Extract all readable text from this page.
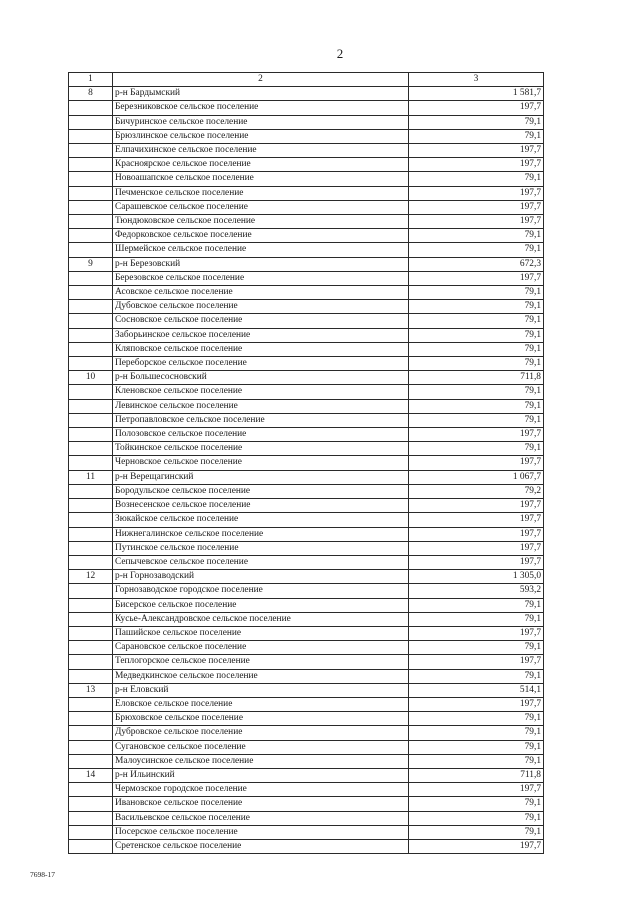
2
1	2	3
8	р-н Бардымский	1 581,7
	Березниковское сельское поселение	197,7
	Бичуринское сельское поселение	79,1
	Брюзлинское сельское поселение	79,1
	Елпачихинское сельское поселение	197,7
	Красноярское сельское поселение	197,7
	Новоашапское сельское поселение	79,1
	Печменское сельское поселение	197,7
	Сарашевское сельское поселение	197,7
	Тюндюковское сельское поселение	197,7
	Федорковское сельское поселение	79,1
	Шермейское сельское поселение	79,1
9	р-н Березовский	672,3
	Березовское сельское поселение	197,7
	Асовское сельское поселение	79,1
	Дубовское сельское поселение	79,1
	Сосновское сельское поселение	79,1
	Заборьинское сельское поселение	79,1
	Кляповское сельское поселение	79,1
	Переборское сельское поселение	79,1
10	р-н Большесосновский	711,8
	Кленовское сельское поселение	79,1
	Левинское сельское поселение	79,1
	Петропавловское сельское поселение	79,1
	Полозовское сельское поселение	197,7
	Тойкинское сельское поселение	79,1
	Черновское сельское поселение	197,7
11	р-н Верещагинский	1 067,7
	Бородульское сельское поселение	79,2
	Вознесенское сельское поселение	197,7
	Зюкайское сельское поселение	197,7
	Нижнегалинское сельское поселение	197,7
	Путинское сельское поселение	197,7
	Сепычевское сельское поселение	197,7
12	р-н Горнозаводский	1 305,0
	Горнозаводское городское поселение	593,2
	Бисерское сельское поселение	79,1
	Кусье-Александровское сельское поселение	79,1
	Пашийское сельское поселение	197,7
	Сарановское сельское поселение	79,1
	Теплогорское сельское поселение	197,7
	Медведкинское сельское поселение	79,1
13	р-н Еловский	514,1
	Еловское сельское поселение	197,7
	Брюховское сельское поселение	79,1
	Дубровское сельское поселение	79,1
	Сугановское сельское поселение	79,1
	Малоусинское сельское поселение	79,1
14	р-н Ильинский	711,8
	Чермозское городское поселение	197,7
	Ивановское сельское поселение	79,1
	Васильевское сельское поселение	79,1
	Посерское сельское поселение	79,1
	Сретенское сельское поселение	197,7
7698-17
